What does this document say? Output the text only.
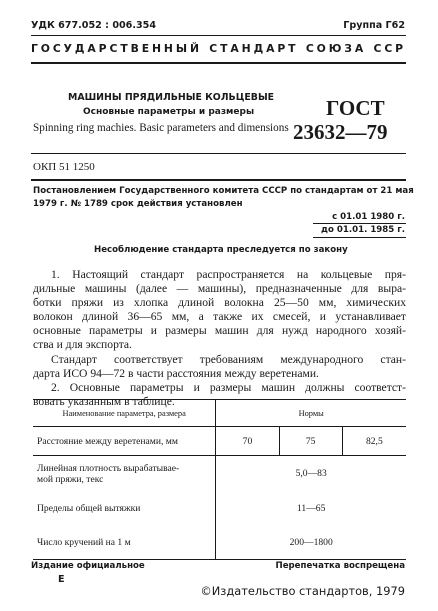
УДК 677.052 : 006.354	Группа Г62
ГОСУДАРСТВЕННЫЙ СТАНДАРТ СОЮЗА ССР
МАШИНЫ ПРЯДИЛЬНЫЕ КОЛЬЦЕВЫЕ
Основные параметры и размеры
Spinning ring machies. Basic parameters and dimensions
ГОСТ
23632—79
ОКП 51 1250
Постановлением Государственного комитета СССР по стандартам от 21 мая
1979 г. № 1789 срок действия установлен
с 01.01 1980 г.
до 01.01. 1985 г.
Несоблюдение стандарта преследуется по закону
1. Настоящий стандарт распространяется на кольцевые пря-
дильные машины (далее — машины), предназначенные для выра-
ботки пряжи из хлопка длиной волокна 25—50 мм, химических
волокон длиной 36—65 мм, а также их смесей, и устанавливает
основные параметры и размеры машин для нужд народного хозяй-
ства и для экспорта.
Стандарт соответствует требованиям международного стан-
дарта ИСО 94—72 в части расстояния между веретенами.
2. Основные параметры и размеры машин должны соответст-
вовать указанным в таблице.
Наименование параметра, размера	Нормы		
Расстояние между веретенами, мм	70	75	82,5

Линейная плотность вырабатывае-
мой пряжи, текс	5,0—83		
Пределы общей вытяжки	11—65		
Число кручений на 1 м	200—1800		
Издание официальное
Е
Перепечатка воспрещена
©Издательство стандартов, 1979
